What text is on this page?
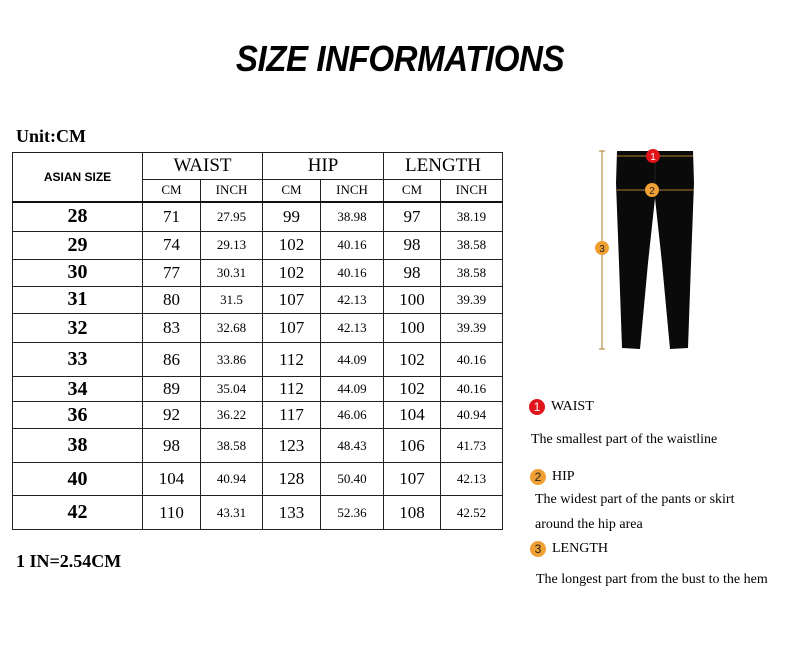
SIZE INFORMATIONS
Unit:CM
ASIAN SIZE	WAIST		HIP		LENGTH	
	CM	INCH	CM	INCH	CM	INCH
28	71	27.95	99	38.98	97	38.19
29	74	29.13	102	40.16	98	38.58
30	77	30.31	102	40.16	98	38.58
31	80	31.5	107	42.13	100	39.39
32	83	32.68	107	42.13	100	39.39
33	86	33.86	112	44.09	102	40.16
34	89	35.04	112	44.09	102	40.16
36	92	36.22	117	46.06	104	40.94
38	98	38.58	123	48.43	106	41.73
40	104	40.94	128	50.40	107	42.13
42	110	43.31	133	52.36	108	42.52
1 IN=2.54CM
1
2
3
1 WAIST
The smallest part of the waistline
2 HIP
The widest part of the pants or skirt
around the hip area
3 LENGTH
The longest part from the bust to the hem
